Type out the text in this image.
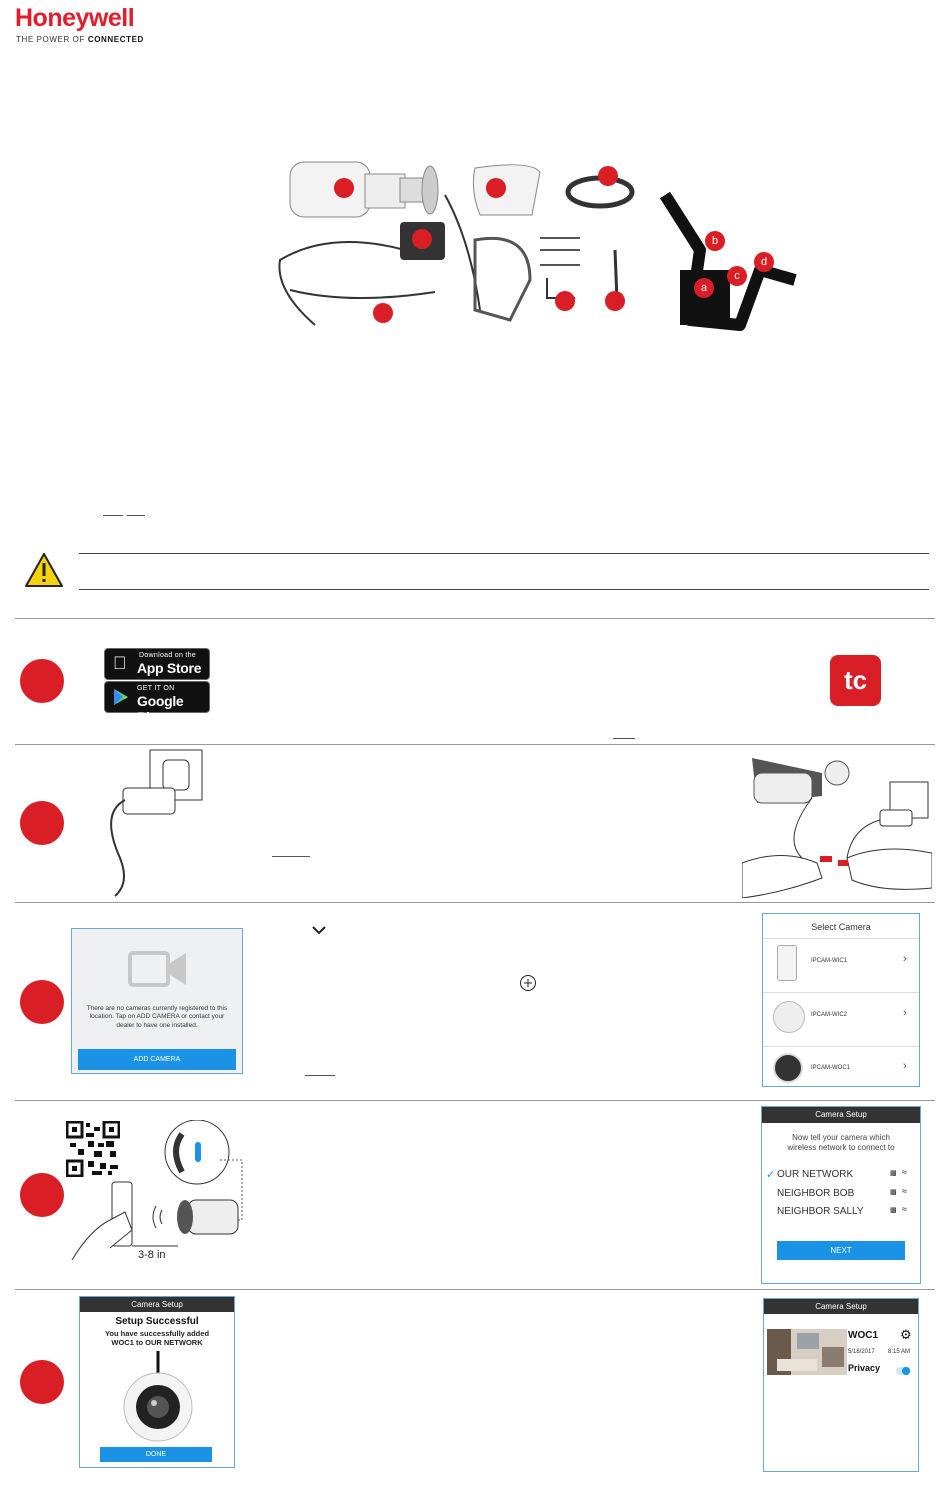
Honeywell
THE POWER OF CONNECTED
b
c
d
a
Download on the
App Store
GET IT ON
Google Play
tc
There are no cameras currently registered to this location. Tap on ADD CAMERA or contact your dealer to have one installed.
ADD CAMERA
Select Camera
IPCAM-WIC1	›
IPCAM-WIC2	›
IPCAM-WOC1	›
3-8 in
Camera Setup
Now tell your camera which wireless network to connect to
✓ OUR NETWORK	▩ ≈
NEIGHBOR BOB	▩ ≈
NEIGHBOR SALLY	▩ ≈
NEXT
Camera Setup
Setup Successful
You have successfully added
WOC1 to OUR NETWORK
DONE
Camera Setup
WOC1 ⚙
5/18/2017 8:15 AM
Privacy
